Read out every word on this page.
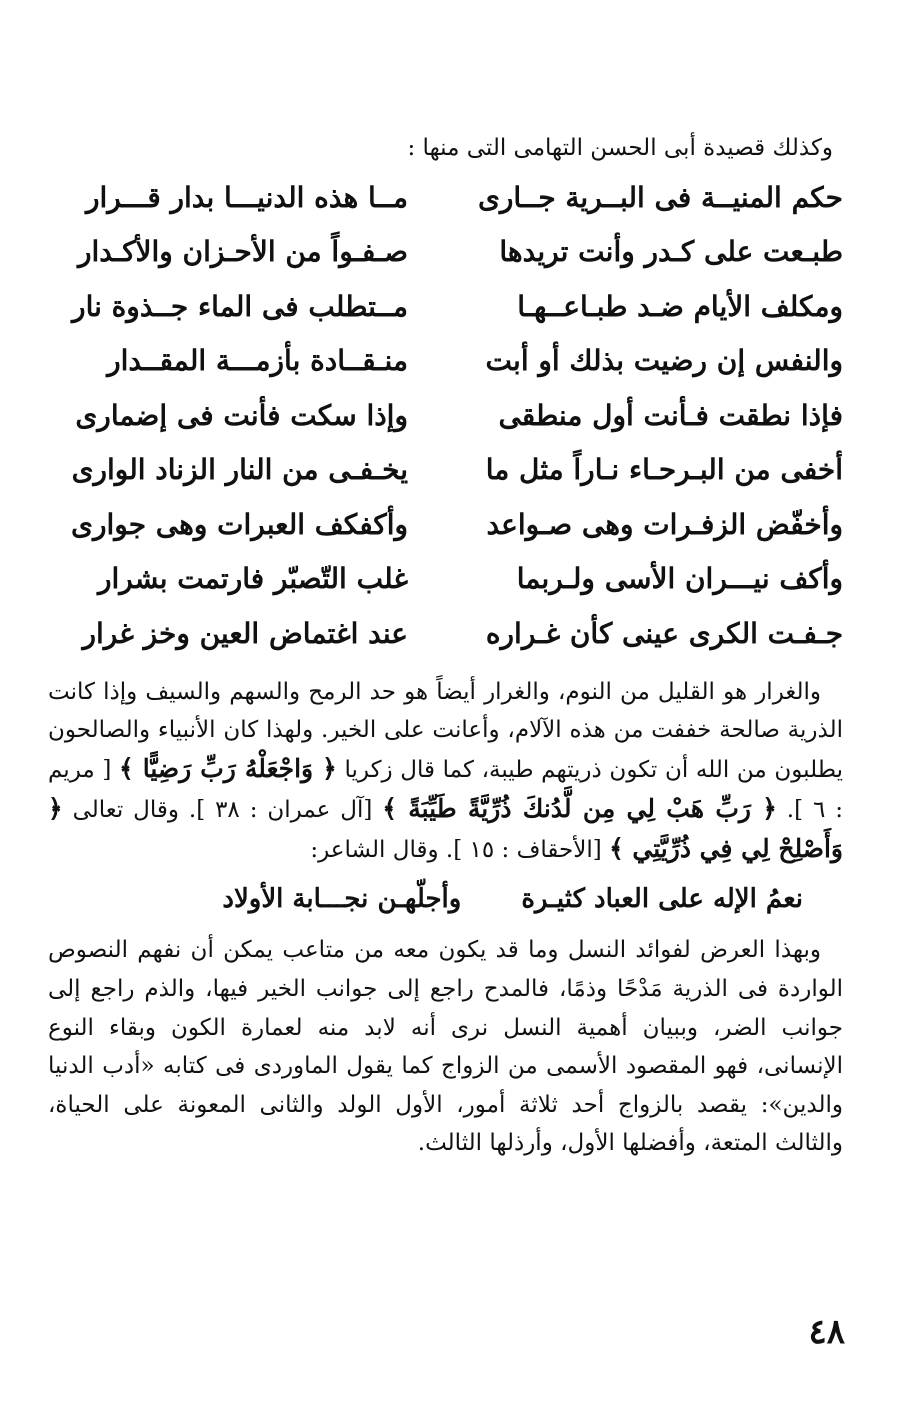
وكذلك قصيدة أبى الحسن التهامى التى منها :

حكم المنيــة فى البــرية جــارى
مــا هذه الدنيـــا بدار قـــرار
طبـعت على كـدر وأنت تريدها
صـفـواً من الأحـزان والأكـدار
ومكلف الأيام ضـد طبـاعــهـا
مــتطلب فى الماء جــذوة نار
والنفس إن رضيت بذلك أو أبت
منـقــادة بأزمـــة المقــدار
فإذا نطقت فـأنت أول منطقى
وإذا سكت فأنت فى إضمارى
أخفى من البـرحـاء نـاراً مثل ما
يخـفـى من النار الزناد الوارى
وأخفّض الزفـرات وهى صـواعد
وأكفكف العبرات وهى جوارى
وأكف نيـــران الأسى ولـربما
غلب التّصبّر فارتمت بشرار
جـفـت الكرى عينى كأن غـراره
عند اغتماض العين وخز غرار

والغرار هو القليل من النوم، والغرار أيضاً هو حد الرمح والسهم والسيف وإذا كانت الذرية صالحة خففت من هذه الآلام، وأعانت على الخير. ولهذا كان الأنبياء والصالحون يطلبون من الله أن تكون ذريتهم طيبة، كما قال زكريا ﴿ وَاجْعَلْهُ رَبِّ رَضِيًّا ﴾ [ مريم : ٦ ]. ﴿ رَبِّ هَبْ لِي مِن لَّدُنكَ ذُرِّيَّةً طَيِّبَةً ﴾ [آل عمران : ٣٨ ]. وقال تعالى ﴿ وَأَصْلِحْ لِي فِي ذُرِّيَّتِي ﴾ [الأحقاف : ١٥ ]. وقال الشاعر:

نعمُ الإله على العباد كثيـرة
وأجلّهـن نجـــابة الأولاد

وبهذا العرض لفوائد النسل وما قد يكون معه من متاعب يمكن أن نفهم النصوص الواردة فى الذرية مَدْحًا وذمًا، فالمدح راجع إلى جوانب الخير فيها، والذم راجع إلى جوانب الضر، وببيان أهمية النسل نرى أنه لابد منه لعمارة الكون وبقاء النوع الإنسانى، فهو المقصود الأسمى من الزواج كما يقول الماوردى فى كتابه «أدب الدنيا والدين»: يقصد بالزواج أحد ثلاثة أمور، الأول الولد والثانى المعونة على الحياة، والثالث المتعة، وأفضلها الأول، وأرذلها الثالث.

٤٨
